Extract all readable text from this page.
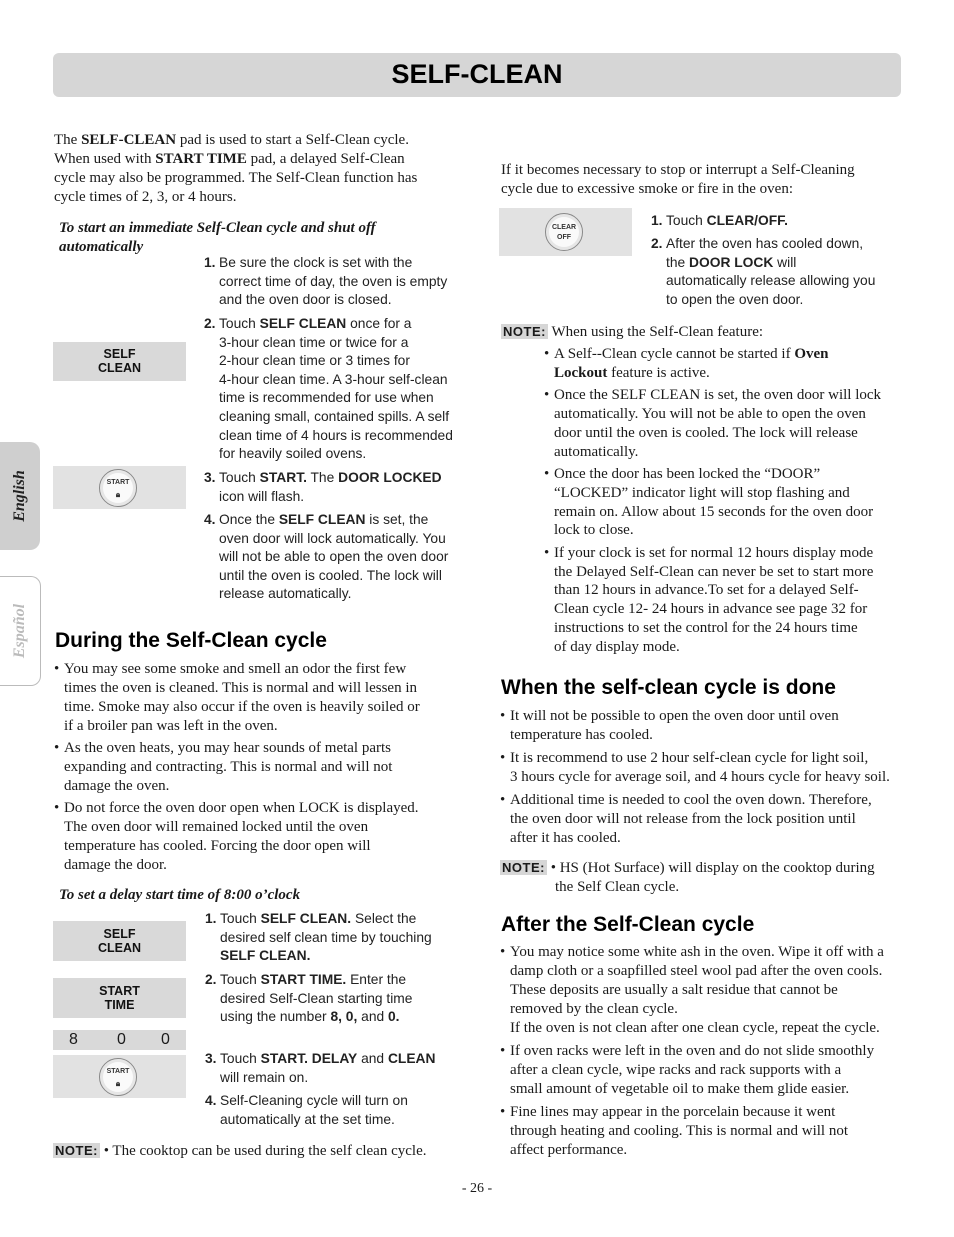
SELF-CLEAN
English
Español
The SELF-CLEAN pad is used to start a Self-Clean cycle.
When used with START TIME pad, a delayed Self-Clean
cycle may also be programmed. The Self-Clean function has
cycle times of 2, 3, or 4 hours.
To start an immediate Self-Clean cycle and shut off
automatically
1. Be sure the clock is set with the
correct time of day, the oven is empty
and the oven door is closed.
2. Touch SELF CLEAN once for a
3-hour clean time or twice for a
2-hour clean time or 3 times for
4-hour clean time. A 3-hour self-clean
time is recommended for use when
cleaning small, contained spills. A self
clean time of 4 hours is recommended
for heavily soiled ovens.
3. Touch START. The DOOR LOCKED
icon will flash.
4. Once the SELF CLEAN is set, the
oven door will lock automatically. You
will not be able to open the oven door
until the oven is cooled. The lock will
release automatically.
SELF
CLEAN
START
🔒︎
During the Self-Clean cycle
• You may see some smoke and smell an odor the first few
times the oven is cleaned. This is normal and will lessen in
time. Smoke may also occur if the oven is heavily soiled or
if a broiler pan was left in the oven.
• As the oven heats, you may hear sounds of metal parts
expanding and contracting. This is normal and will not
damage the oven.
• Do not force the oven door open when LOCK is displayed.
The oven door will remained locked until the oven
temperature has cooled. Forcing the door open will
damage the door.
To set a delay start time of 8:00 o’clock
SELF
CLEAN
START
TIME
8 0 0
START
🔒︎
1. Touch SELF CLEAN. Select the
desired self clean time by touching
SELF CLEAN.
2. Touch START TIME. Enter the
desired Self-Clean starting time
using the number 8, 0, and 0.
3. Touch START. DELAY and CLEAN
will remain on.
4. Self-Cleaning cycle will turn on
automatically at the set time.
NOTE: • The cooktop can be used during the self clean cycle.
If it becomes necessary to stop or interrupt a Self-Cleaning
cycle due to excessive smoke or fire in the oven:
CLEAR
OFF
1. Touch CLEAR/OFF.
2. After the oven has cooled down,
the DOOR LOCK will
automatically release allowing you
to open the oven door.
NOTE: When using the Self-Clean feature:
• A Self--Clean cycle cannot be started if Oven
Lockout feature is active.
• Once the SELF CLEAN is set, the oven door will lock
automatically. You will not be able to open the oven
door until the oven is cooled. The lock will release
automatically.
• Once the door has been locked the “DOOR”
“LOCKED” indicator light will stop flashing and
remain on. Allow about 15 seconds for the oven door
lock to close.
• If your clock is set for normal 12 hours display mode
the Delayed Self-Clean can never be set to start more
than 12 hours in advance.To set for a delayed Self-
Clean cycle 12- 24 hours in advance see page 32 for
instructions to set the control for the 24 hours time
of day display mode.
When the self-clean cycle is done
• It will not be possible to open the oven door until oven
temperature has cooled.
• It is recommend to use 2 hour self-clean cycle for light soil,
3 hours cycle for average soil, and 4 hours cycle for heavy soil.
• Additional time is needed to cool the oven down. Therefore,
the oven door will not release from the lock position until
after it has cooled.
NOTE: • HS (Hot Surface) will display on the cooktop during
the Self Clean cycle.
After the Self-Clean cycle
• You may notice some white ash in the oven. Wipe it off with a
damp cloth or a soapfilled steel wool pad after the oven cools.
These deposits are usually a salt residue that cannot be
removed by the clean cycle.
If the oven is not clean after one clean cycle, repeat the cycle.
• If oven racks were left in the oven and do not slide smoothly
after a clean cycle, wipe racks and rack supports with a
small amount of vegetable oil to make them glide easier.
• Fine lines may appear in the porcelain because it went
through heating and cooling. This is normal and will not
affect performance.
- 26 -
